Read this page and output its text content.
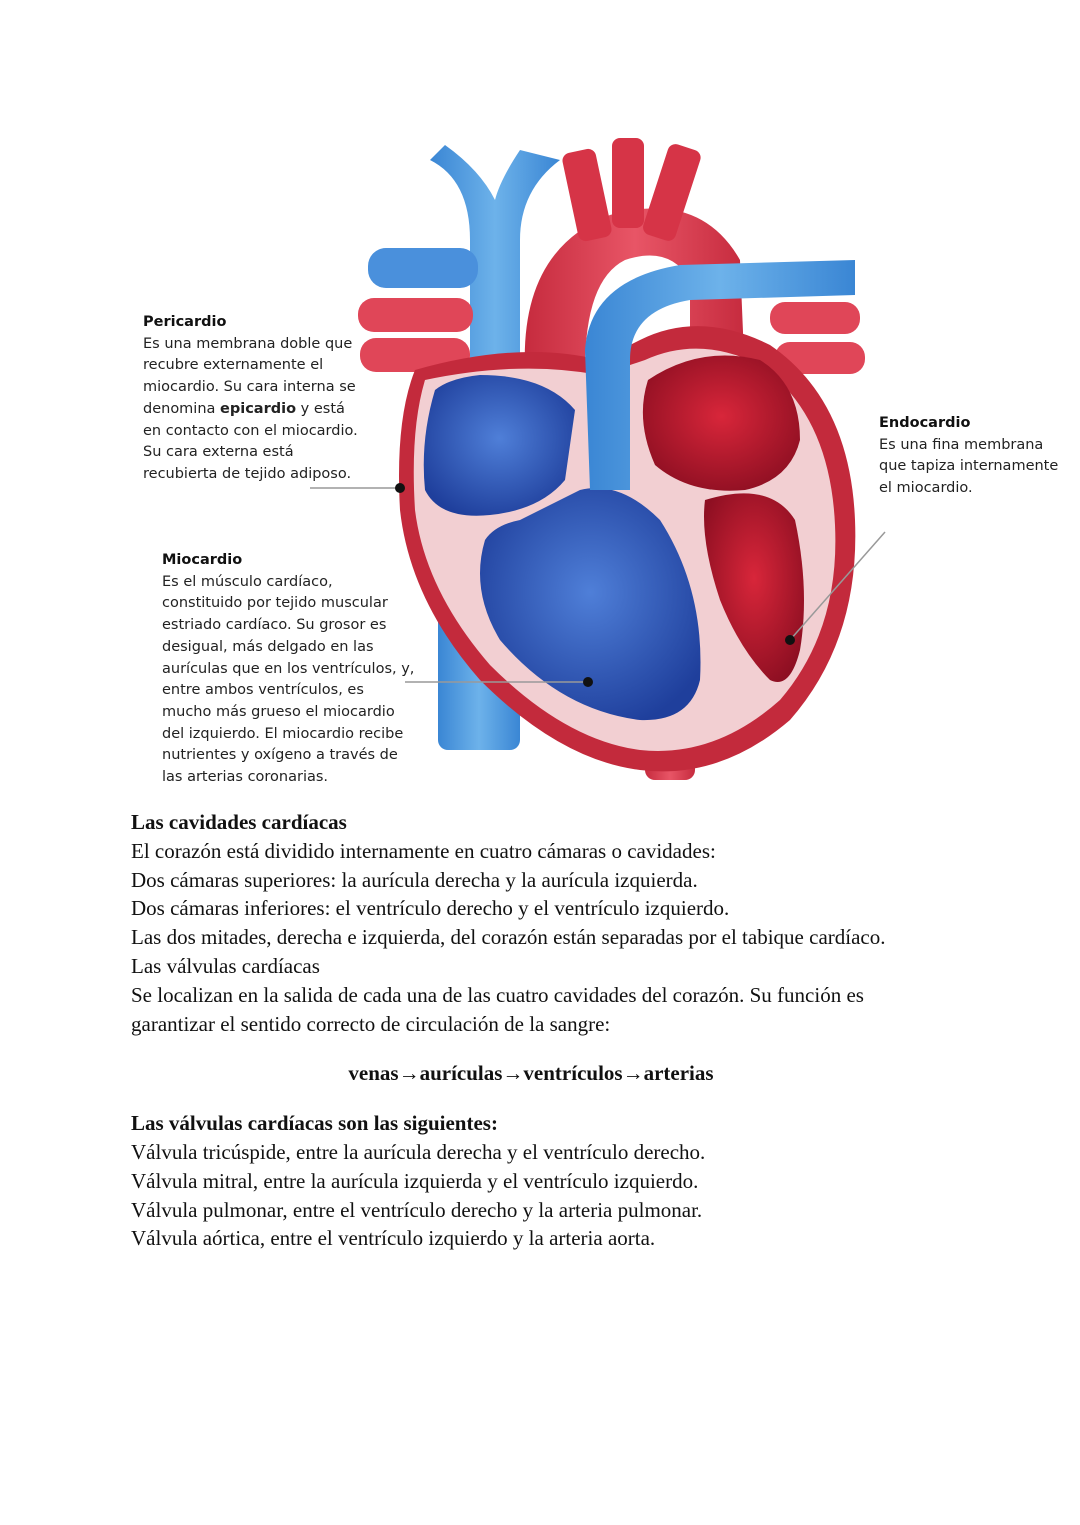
Pericardio
Es una membrana doble que recubre externamente el miocardio. Su cara interna se denomina epicardio y está en contacto con el miocardio. Su cara externa está recubierta de tejido adiposo.
Miocardio
Es el músculo cardíaco, constituido por tejido muscular estriado cardíaco. Su grosor es desigual, más delgado en las aurículas que en los ventrículos, y, entre ambos ventrículos, es mucho más grueso el miocardio del izquierdo. El miocardio recibe nutrientes y oxígeno a través de las arterias coronarias.
Endocardio
Es una fina membrana que tapiza internamente el miocardio.

Las cavidades cardíacas

El corazón está dividido internamente en cuatro cámaras o cavidades:

Dos cámaras superiores: la aurícula derecha y la aurícula izquierda.

Dos cámaras inferiores: el ventrículo derecho y el ventrículo izquierdo.

Las dos mitades, derecha e izquierda, del corazón están separadas por el tabique cardíaco.

Las válvulas cardíacas

Se localizan en la salida de cada una de las cuatro cavidades del corazón. Su función es garantizar el sentido correcto de circulación de la sangre:

venas→aurículas→ventrículos→arterias

Las válvulas cardíacas son las siguientes:

Válvula tricúspide, entre la aurícula derecha y el ventrículo derecho.

Válvula mitral, entre la aurícula izquierda y el ventrículo izquierdo.

Válvula pulmonar, entre el ventrículo derecho y la arteria pulmonar.

Válvula aórtica, entre el ventrículo izquierdo y la arteria aorta.
